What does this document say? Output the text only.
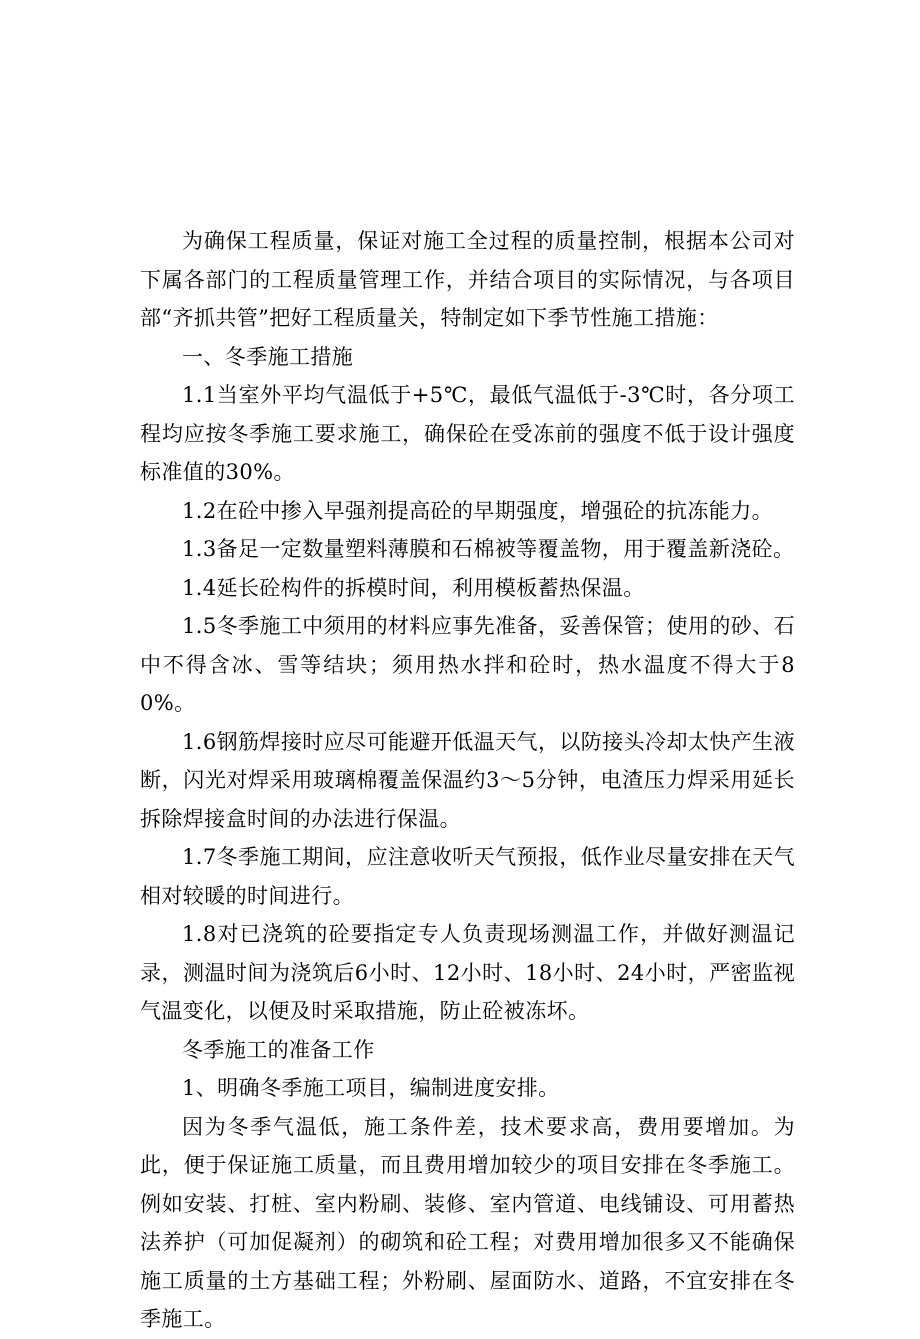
为确保工程质量，保证对施工全过程的质量控制，根据本公司对下属各部门的工程质量管理工作，并结合项目的实际情况，与各项目部“齐抓共管”把好工程质量关，特制定如下季节性施工措施：

一、冬季施工措施

1.1当室外平均气温低于+5℃，最低气温低于-3℃时，各分项工程均应按冬季施工要求施工，确保砼在受冻前的强度不低于设计强度标准值的30%。

1.2在砼中掺入早强剂提高砼的早期强度，增强砼的抗冻能力。

1.3备足一定数量塑料薄膜和石棉被等覆盖物，用于覆盖新浇砼。

1.4延长砼构件的拆模时间，利用模板蓄热保温。

1.5冬季施工中须用的材料应事先准备，妥善保管；使用的砂、石中不得含冰、雪等结块；须用热水拌和砼时，热水温度不得大于80%。

1.6钢筋焊接时应尽可能避开低温天气，以防接头冷却太快产生液断，闪光对焊采用玻璃棉覆盖保温约3～5分钟，电渣压力焊采用延长拆除焊接盒时间的办法进行保温。

1.7冬季施工期间，应注意收听天气预报，低作业尽量安排在天气相对较暖的时间进行。

1.8对已浇筑的砼要指定专人负责现场测温工作，并做好测温记录，测温时间为浇筑后6小时、12小时、18小时、24小时，严密监视气温变化，以便及时采取措施，防止砼被冻坏。

冬季施工的准备工作

1、明确冬季施工项目，编制进度安排。

因为冬季气温低，施工条件差，技术要求高，费用要增加。为此，便于保证施工质量，而且费用增加较少的项目安排在冬季施工。例如安装、打桩、室内粉刷、装修、室内管道、电线铺设、可用蓄热法养护（可加促凝剂）的砌筑和砼工程；对费用增加很多又不能确保施工质量的土方基础工程；外粉刷、屋面防水、道路，不宜安排在冬季施工。
